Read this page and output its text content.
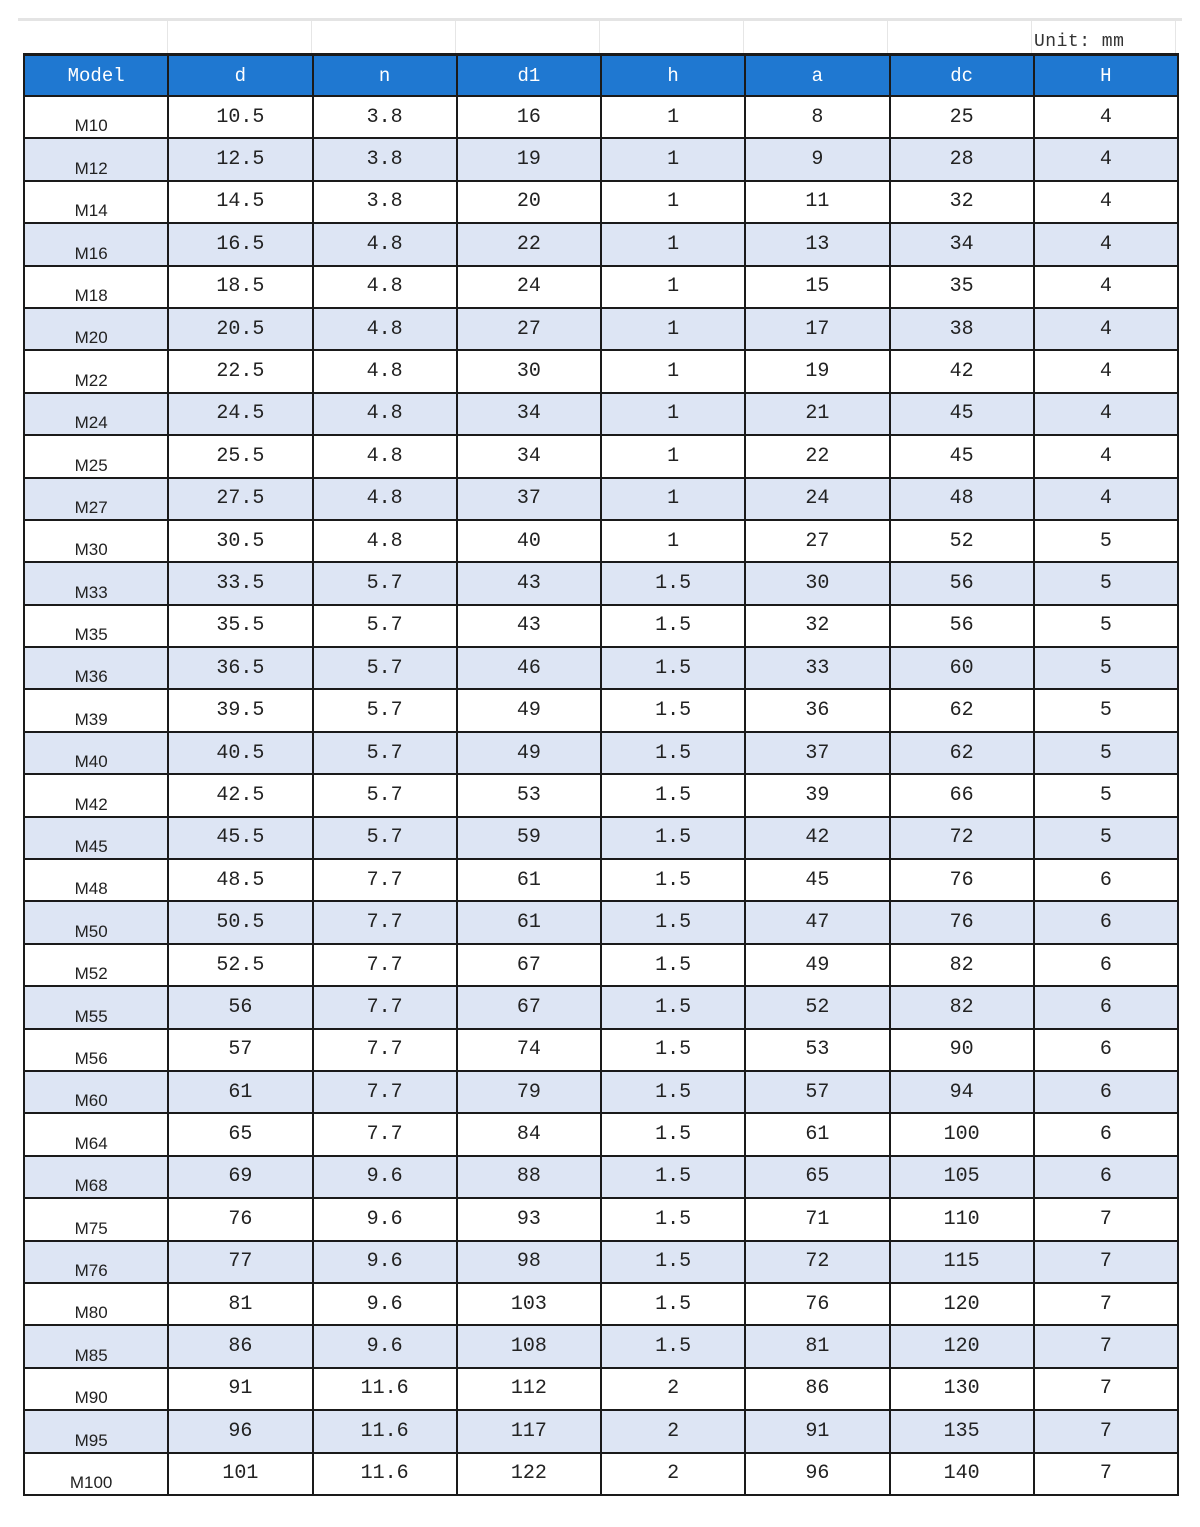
Unit: mm
Model	d	n	d1	h	a	dc	H
M10	10.5	3.8	16	1	8	25	4
M12	12.5	3.8	19	1	9	28	4
M14	14.5	3.8	20	1	11	32	4
M16	16.5	4.8	22	1	13	34	4
M18	18.5	4.8	24	1	15	35	4
M20	20.5	4.8	27	1	17	38	4
M22	22.5	4.8	30	1	19	42	4
M24	24.5	4.8	34	1	21	45	4
M25	25.5	4.8	34	1	22	45	4
M27	27.5	4.8	37	1	24	48	4
M30	30.5	4.8	40	1	27	52	5
M33	33.5	5.7	43	1.5	30	56	5
M35	35.5	5.7	43	1.5	32	56	5
M36	36.5	5.7	46	1.5	33	60	5
M39	39.5	5.7	49	1.5	36	62	5
M40	40.5	5.7	49	1.5	37	62	5
M42	42.5	5.7	53	1.5	39	66	5
M45	45.5	5.7	59	1.5	42	72	5
M48	48.5	7.7	61	1.5	45	76	6
M50	50.5	7.7	61	1.5	47	76	6
M52	52.5	7.7	67	1.5	49	82	6
M55	56	7.7	67	1.5	52	82	6
M56	57	7.7	74	1.5	53	90	6
M60	61	7.7	79	1.5	57	94	6
M64	65	7.7	84	1.5	61	100	6
M68	69	9.6	88	1.5	65	105	6
M75	76	9.6	93	1.5	71	110	7
M76	77	9.6	98	1.5	72	115	7
M80	81	9.6	103	1.5	76	120	7
M85	86	9.6	108	1.5	81	120	7
M90	91	11.6	112	2	86	130	7
M95	96	11.6	117	2	91	135	7
M100	101	11.6	122	2	96	140	7
